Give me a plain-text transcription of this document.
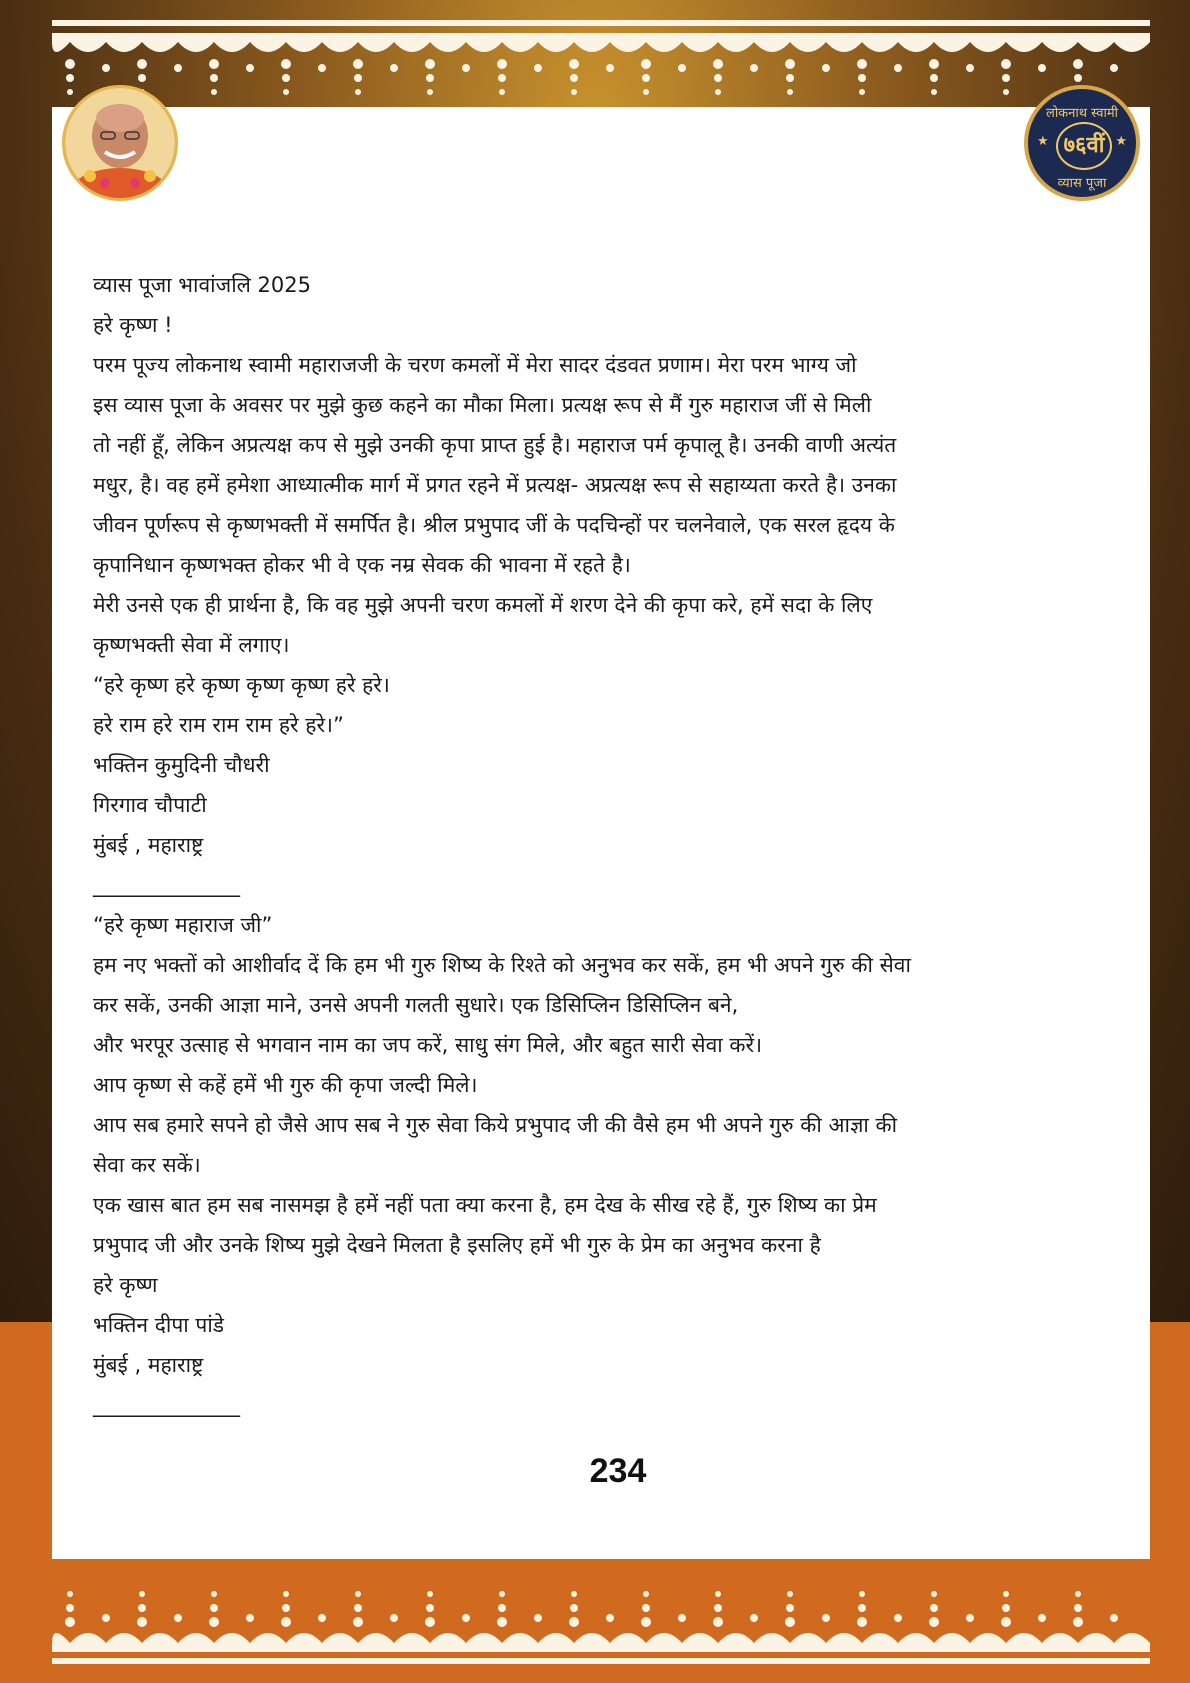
लोकनाथ स्वामी
★ ७६वीं ★
व्यास पूजा

व्यास पूजा भावांजलि 2025

हरे कृष्ण !

परम पूज्य लोकनाथ स्वामी महाराजजी के चरण कमलों में मेरा सादर दंडवत प्रणाम। मेरा परम भाग्य जो

इस व्यास पूजा के अवसर पर मुझे कुछ कहने का मौका मिला। प्रत्यक्ष रूप से मैं गुरु महाराज जीं से मिली

तो नहीं हूँ, लेकिन अप्रत्यक्ष कप से मुझे उनकी कृपा प्राप्त हुई है। महाराज पर्म कृपालू है। उनकी वाणी अत्यंत

मधुर, है। वह हमें हमेशा आध्यात्मीक मार्ग में प्रगत रहने में प्रत्यक्ष- अप्रत्यक्ष रूप से सहाय्यता करते है। उनका

जीवन पूर्णरूप से कृष्णभक्ती में समर्पित है। श्रील प्रभुपाद जीं के पदचिन्हों पर चलनेवाले, एक सरल हृदय के

कृपानिधान कृष्णभक्त होकर भी वे एक नम्र सेवक की भावना में रहते है।

मेरी उनसे एक ही प्रार्थना है, कि वह मुझे अपनी चरण कमलों में शरण देने की कृपा करे, हमें सदा के लिए

कृष्णभक्ती सेवा में लगाए।

“हरे कृष्ण हरे कृष्ण कृष्ण कृष्ण हरे हरे।

हरे राम हरे राम राम राम हरे हरे।”

भक्तिन कुमुदिनी चौधरी

गिरगाव चौपाटी

मुंबई , महाराष्ट्र

______________

“हरे कृष्ण महाराज जी”

हम नए भक्तों को आशीर्वाद दें कि हम भी गुरु शिष्य के रिश्ते को अनुभव कर सकें, हम भी अपने गुरु की सेवा

कर सकें, उनकी आज्ञा माने, उनसे अपनी गलती सुधारे। एक डिसिप्लिन डिसिप्लिन बने,

और भरपूर उत्साह से भगवान नाम का जप करें, साधु संग मिले, और बहुत सारी सेवा करें।

आप कृष्ण से कहें हमें भी गुरु की कृपा जल्दी मिले।

आप सब हमारे सपने हो जैसे आप सब ने गुरु सेवा किये प्रभुपाद जी की वैसे हम भी अपने गुरु की आज्ञा की

सेवा कर सकें।

एक खास बात हम सब नासमझ है हमें नहीं पता क्या करना है, हम देख के सीख रहे हैं, गुरु शिष्य का प्रेम

प्रभुपाद जी और उनके शिष्य मुझे देखने मिलता है इसलिए हमें भी गुरु के प्रेम का अनुभव करना है

हरे कृष्ण

भक्तिन दीपा पांडे

मुंबई , महाराष्ट्र

______________

234
